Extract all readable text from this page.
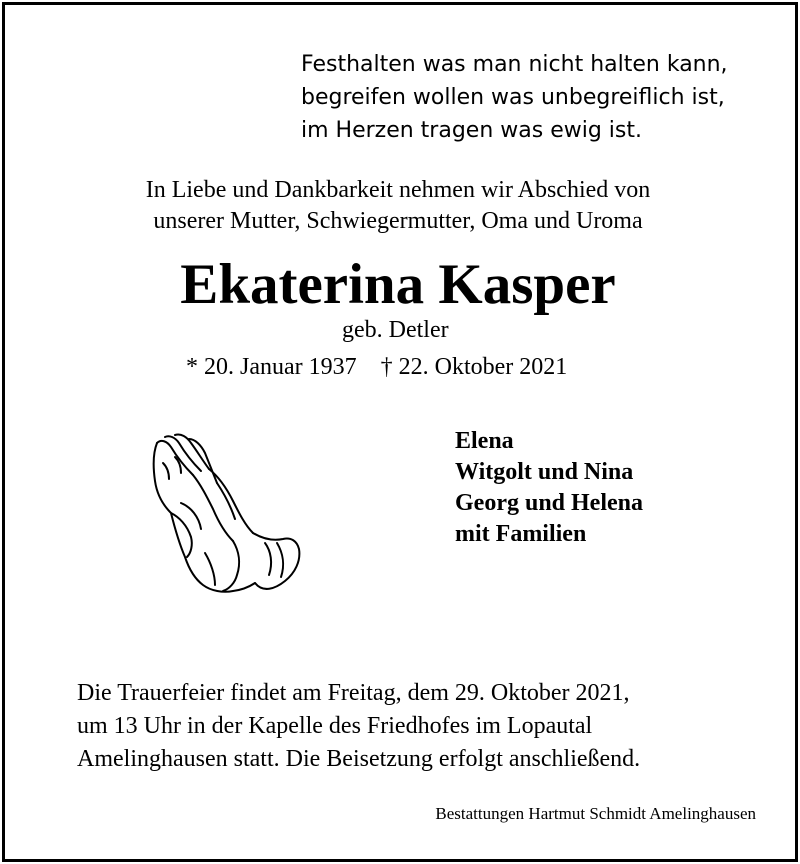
Festhalten was man nicht halten kann,
begreifen wollen was unbegreiflich ist,
im Herzen tragen was ewig ist.
In Liebe und Dankbarkeit nehmen wir Abschied von
unserer Mutter, Schwiegermutter, Oma und Uroma
Ekaterina Kasper
geb. Detler
* 20. Januar 1937 † 22. Oktober 2021
Elena
Witgolt und Nina
Georg und Helena
mit Familien
Die Trauerfeier findet am Freitag, dem 29. Oktober 2021,
um 13 Uhr in der Kapelle des Friedhofes im Lopautal
Amelinghausen statt. Die Beisetzung erfolgt anschließend.
Bestattungen Hartmut Schmidt Amelinghausen
